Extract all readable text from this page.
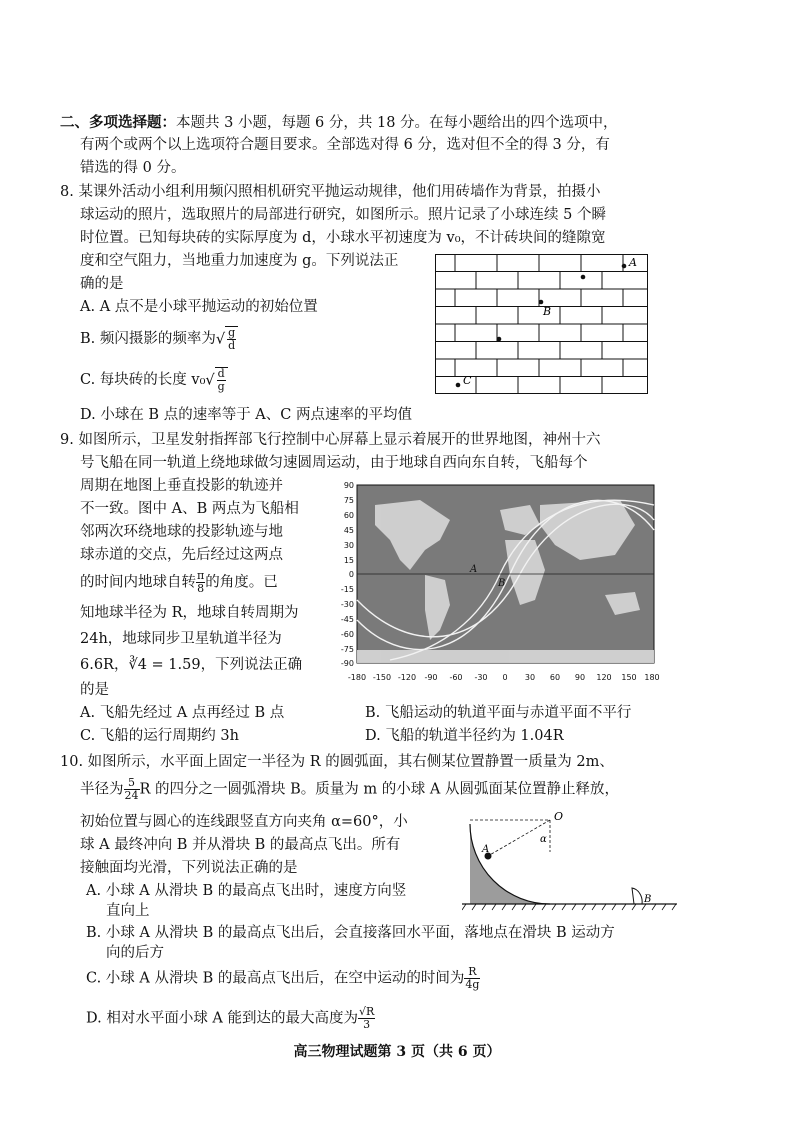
二、多项选择题：本题共 3 小题，每题 6 分，共 18 分。在每小题给出的四个选项中，
有两个或两个以上选项符合题目要求。全部选对得 6 分，选对但不全的得 3 分，有
错选的得 0 分。
8. 某课外活动小组利用频闪照相机研究平抛运动规律，他们用砖墙作为背景，拍摄小
球运动的照片，选取照片的局部进行研究，如图所示。照片记录了小球连续 5 个瞬
时位置。已知每块砖的实际厚度为 d，小球水平初速度为 v₀，不计砖块间的缝隙宽
度和空气阻力，当地重力加速度为 g。下列说法正
确的是
A. A 点不是小球平抛运动的初始位置
B. 频闪摄影的频率为√ $\frac{g}{d}$
C. 每块砖的长度 $v_0√ \frac{d}{g}$
D. 小球在 B 点的速率等于 A、C 两点速率的平均值
A
B
C
9. 如图所示，卫星发射指挥部飞行控制中心屏幕上显示着展开的世界地图，神州十六
号飞船在同一轨道上绕地球做匀速圆周运动，由于地球自西向东自转，飞船每个
周期在地图上垂直投影的轨迹并
不一致。图中 A、B 两点为飞船相
邻两次环绕地球的投影轨迹与地
球赤道的交点，先后经过这两点
的时间内地球自转 $\frac{\pi}{8}$ 的角度。已
知地球半径为 R，地球自转周期为
24h，地球同步卫星轨道半径为
6.6R，∛4 = 1.59，下列说法正确
的是
A. 飞船先经过 A 点再经过 B 点	B. 飞船运动的轨道平面与赤道平面不平行
C. 飞船的运行周期约 3h	D. 飞船的轨道半径约为 1.04R
A
B
90
75
60
45
30
15
0
-15
-30
-45
-60
-75
-90
-180 -150 -120 -90 -60 -30 0 30 60 90 120 150 180
10. 如图所示，水平面上固定一半径为 R 的圆弧面，其右侧某位置静置一质量为 2m、
半径为 $\frac{5}{24}$ R 的四分之一圆弧滑块 B。质量为 m 的小球 A 从圆弧面某位置静止释放，
初始位置与圆心的连线跟竖直方向夹角 α=60°，小
球 A 最终冲向 B 并从滑块 B 的最高点飞出。所有
接触面均光滑，下列说法正确的是
A. 小球 A 从滑块 B 的最高点飞出时，速度方向竖
直向上
B. 小球 A 从滑块 B 的最高点飞出后，会直接落回水平面，落地点在滑块 B 运动方
向的后方
C. 小球 A 从滑块 B 的最高点飞出后，在空中运动的时间为 $\frac{R}{4g}$
D. 相对水平面小球 A 能到达的最大高度为 $\frac{√R}{3}$
O
α
A
B
高三物理试题第 3 页（共 6 页）
